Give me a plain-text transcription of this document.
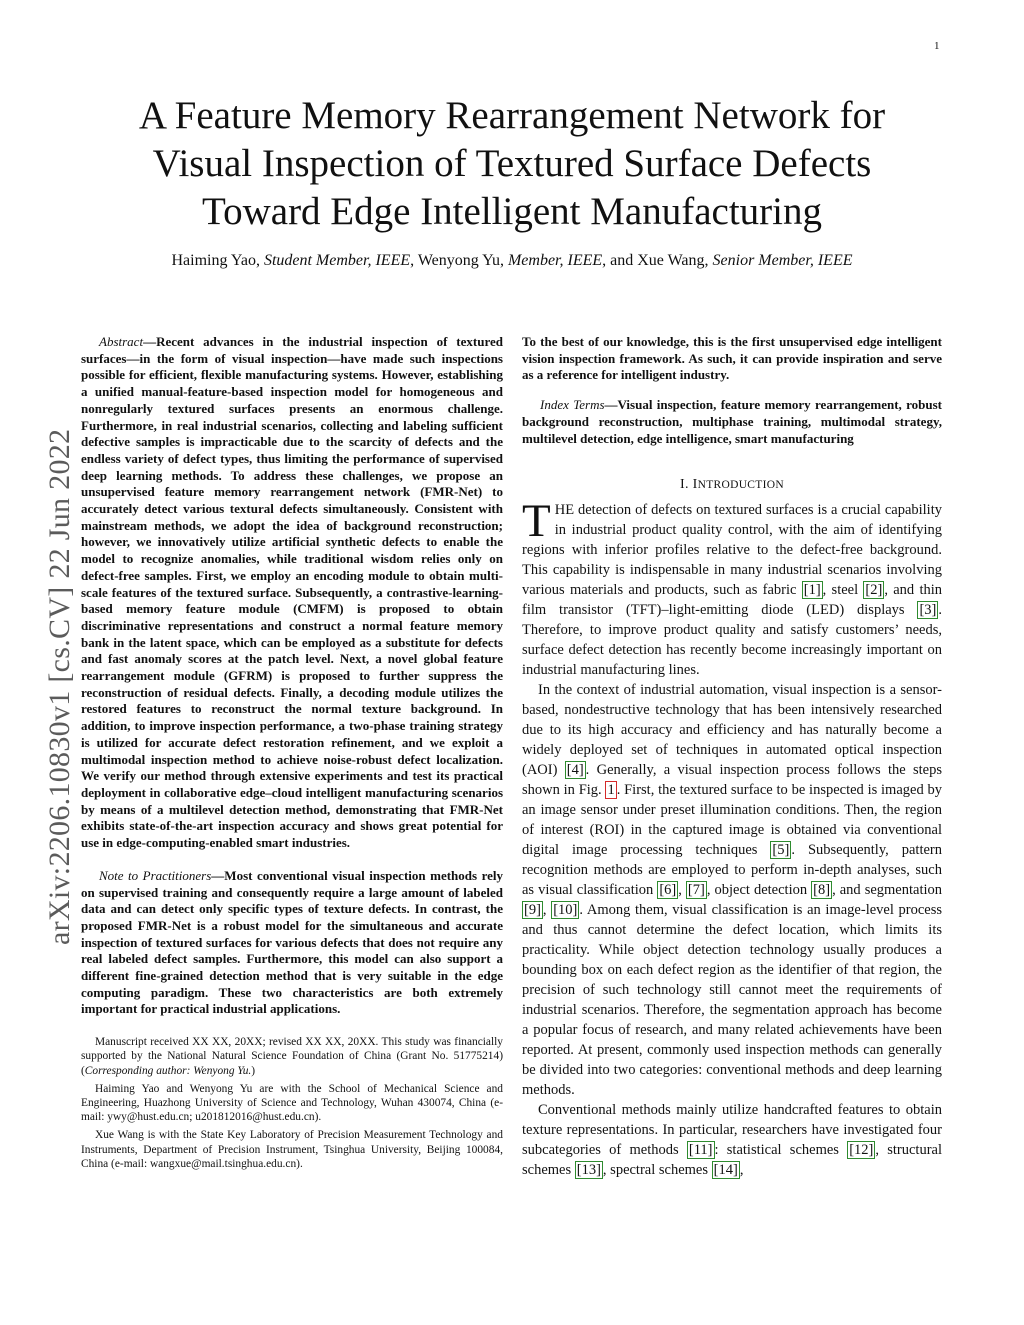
1
arXiv:2206.10830v1 [cs.CV] 22 Jun 2022
A Feature Memory Rearrangement Network for
Visual Inspection of Textured Surface Defects
Toward Edge Intelligent Manufacturing
Haiming Yao, Student Member, IEEE, Wenyong Yu, Member, IEEE, and Xue Wang, Senior Member, IEEE

Abstract—Recent advances in the industrial inspection of textured surfaces—in the form of visual inspection—have made such inspections possible for efficient, flexible manufacturing systems. However, establishing a unified manual-feature-based inspection model for homogeneous and nonregularly textured surfaces presents an enormous challenge. Furthermore, in real industrial scenarios, collecting and labeling sufficient defective samples is impracticable due to the scarcity of defects and the endless variety of defect types, thus limiting the performance of supervised deep learning methods. To address these challenges, we propose an unsupervised feature memory rearrangement network (FMR-Net) to accurately detect various textural defects simultaneously. Consistent with mainstream methods, we adopt the idea of background reconstruction; however, we innovatively utilize artificial synthetic defects to enable the model to recognize anomalies, while traditional wisdom relies only on defect-free samples. First, we employ an encoding module to obtain multi-scale features of the textured surface. Subsequently, a contrastive-learning-based memory feature module (CMFM) is proposed to obtain discriminative representations and construct a normal feature memory bank in the latent space, which can be employed as a substitute for defects and fast anomaly scores at the patch level. Next, a novel global feature rearrangement module (GFRM) is proposed to further suppress the reconstruction of residual defects. Finally, a decoding module utilizes the restored features to reconstruct the normal texture background. In addition, to improve inspection performance, a two-phase training strategy is utilized for accurate defect restoration refinement, and we exploit a multimodal inspection method to achieve noise-robust defect localization. We verify our method through extensive experiments and test its practical deployment in collaborative edge–cloud intelligent manufacturing scenarios by means of a multilevel detection method, demonstrating that FMR-Net exhibits state-of-the-art inspection accuracy and shows great potential for use in edge-computing-enabled smart industries.

Note to Practitioners—Most conventional visual inspection methods rely on supervised training and consequently require a large amount of labeled data and can detect only specific types of texture defects. In contrast, the proposed FMR-Net is a robust model for the simultaneous and accurate inspection of textured surfaces for various defects that does not require any real labeled defect samples. Furthermore, this model can also support a different fine-grained detection method that is very suitable in the edge computing paradigm. These two characteristics are both extremely important for practical industrial applications.

Manuscript received XX XX, 20XX; revised XX XX, 20XX. This study was financially supported by the National Natural Science Foundation of China (Grant No. 51775214) (Corresponding author: Wenyong Yu.)

Haiming Yao and Wenyong Yu are with the School of Mechanical Science and Engineering, Huazhong University of Science and Technology, Wuhan 430074, China (e-mail: ywy@hust.edu.cn; u201812016@hust.edu.cn).

Xue Wang is with the State Key Laboratory of Precision Measurement Technology and Instruments, Department of Precision Instrument, Tsinghua University, Beijing 100084, China (e-mail: wangxue@mail.tsinghua.edu.cn).

To the best of our knowledge, this is the first unsupervised edge intelligent vision inspection framework. As such, it can provide inspiration and serve as a reference for intelligent industry.

Index Terms—Visual inspection, feature memory rearrangement, robust background reconstruction, multiphase training, multimodal strategy, multilevel detection, edge intelligence, smart manufacturing

I. INTRODUCTION

THE detection of defects on textured surfaces is a crucial capability in industrial product quality control, with the aim of identifying regions with inferior profiles relative to the defect-free background. This capability is indispensable in many industrial scenarios involving various materials and products, such as fabric [1] , steel [2] , and thin film transistor (TFT)–light-emitting diode (LED) displays [3] . Therefore, to improve product quality and satisfy customers’ needs, surface defect detection has recently become increasingly important on industrial manufacturing lines.

In the context of industrial automation, visual inspection is a sensor-based, nondestructive technology that has been intensively researched due to its high accuracy and efficiency and has naturally become a widely deployed set of techniques in automated optical inspection (AOI) [4] . Generally, a visual inspection process follows the steps shown in Fig. 1 . First, the textured surface to be inspected is imaged by an image sensor under preset illumination conditions. Then, the region of interest (ROI) in the captured image is obtained via conventional digital image processing techniques [5] . Subsequently, pattern recognition methods are employed to perform in-depth analyses, such as visual classification [6] , [7] , object detection [8] , and segmentation [9] , [10] . Among them, visual classification is an image-level process and thus cannot determine the defect location, which limits its practicality. While object detection technology usually produces a bounding box on each defect region as the identifier of that region, the precision of such technology still cannot meet the requirements of industrial scenarios. Therefore, the segmentation approach has become a popular focus of research, and many related achievements have been reported. At present, commonly used inspection methods can generally be divided into two categories: conventional methods and deep learning methods.

Conventional methods mainly utilize handcrafted features to obtain texture representations. In particular, researchers have investigated four subcategories of methods [11] : statistical schemes [12] , structural schemes [13] , spectral schemes [14] ,
